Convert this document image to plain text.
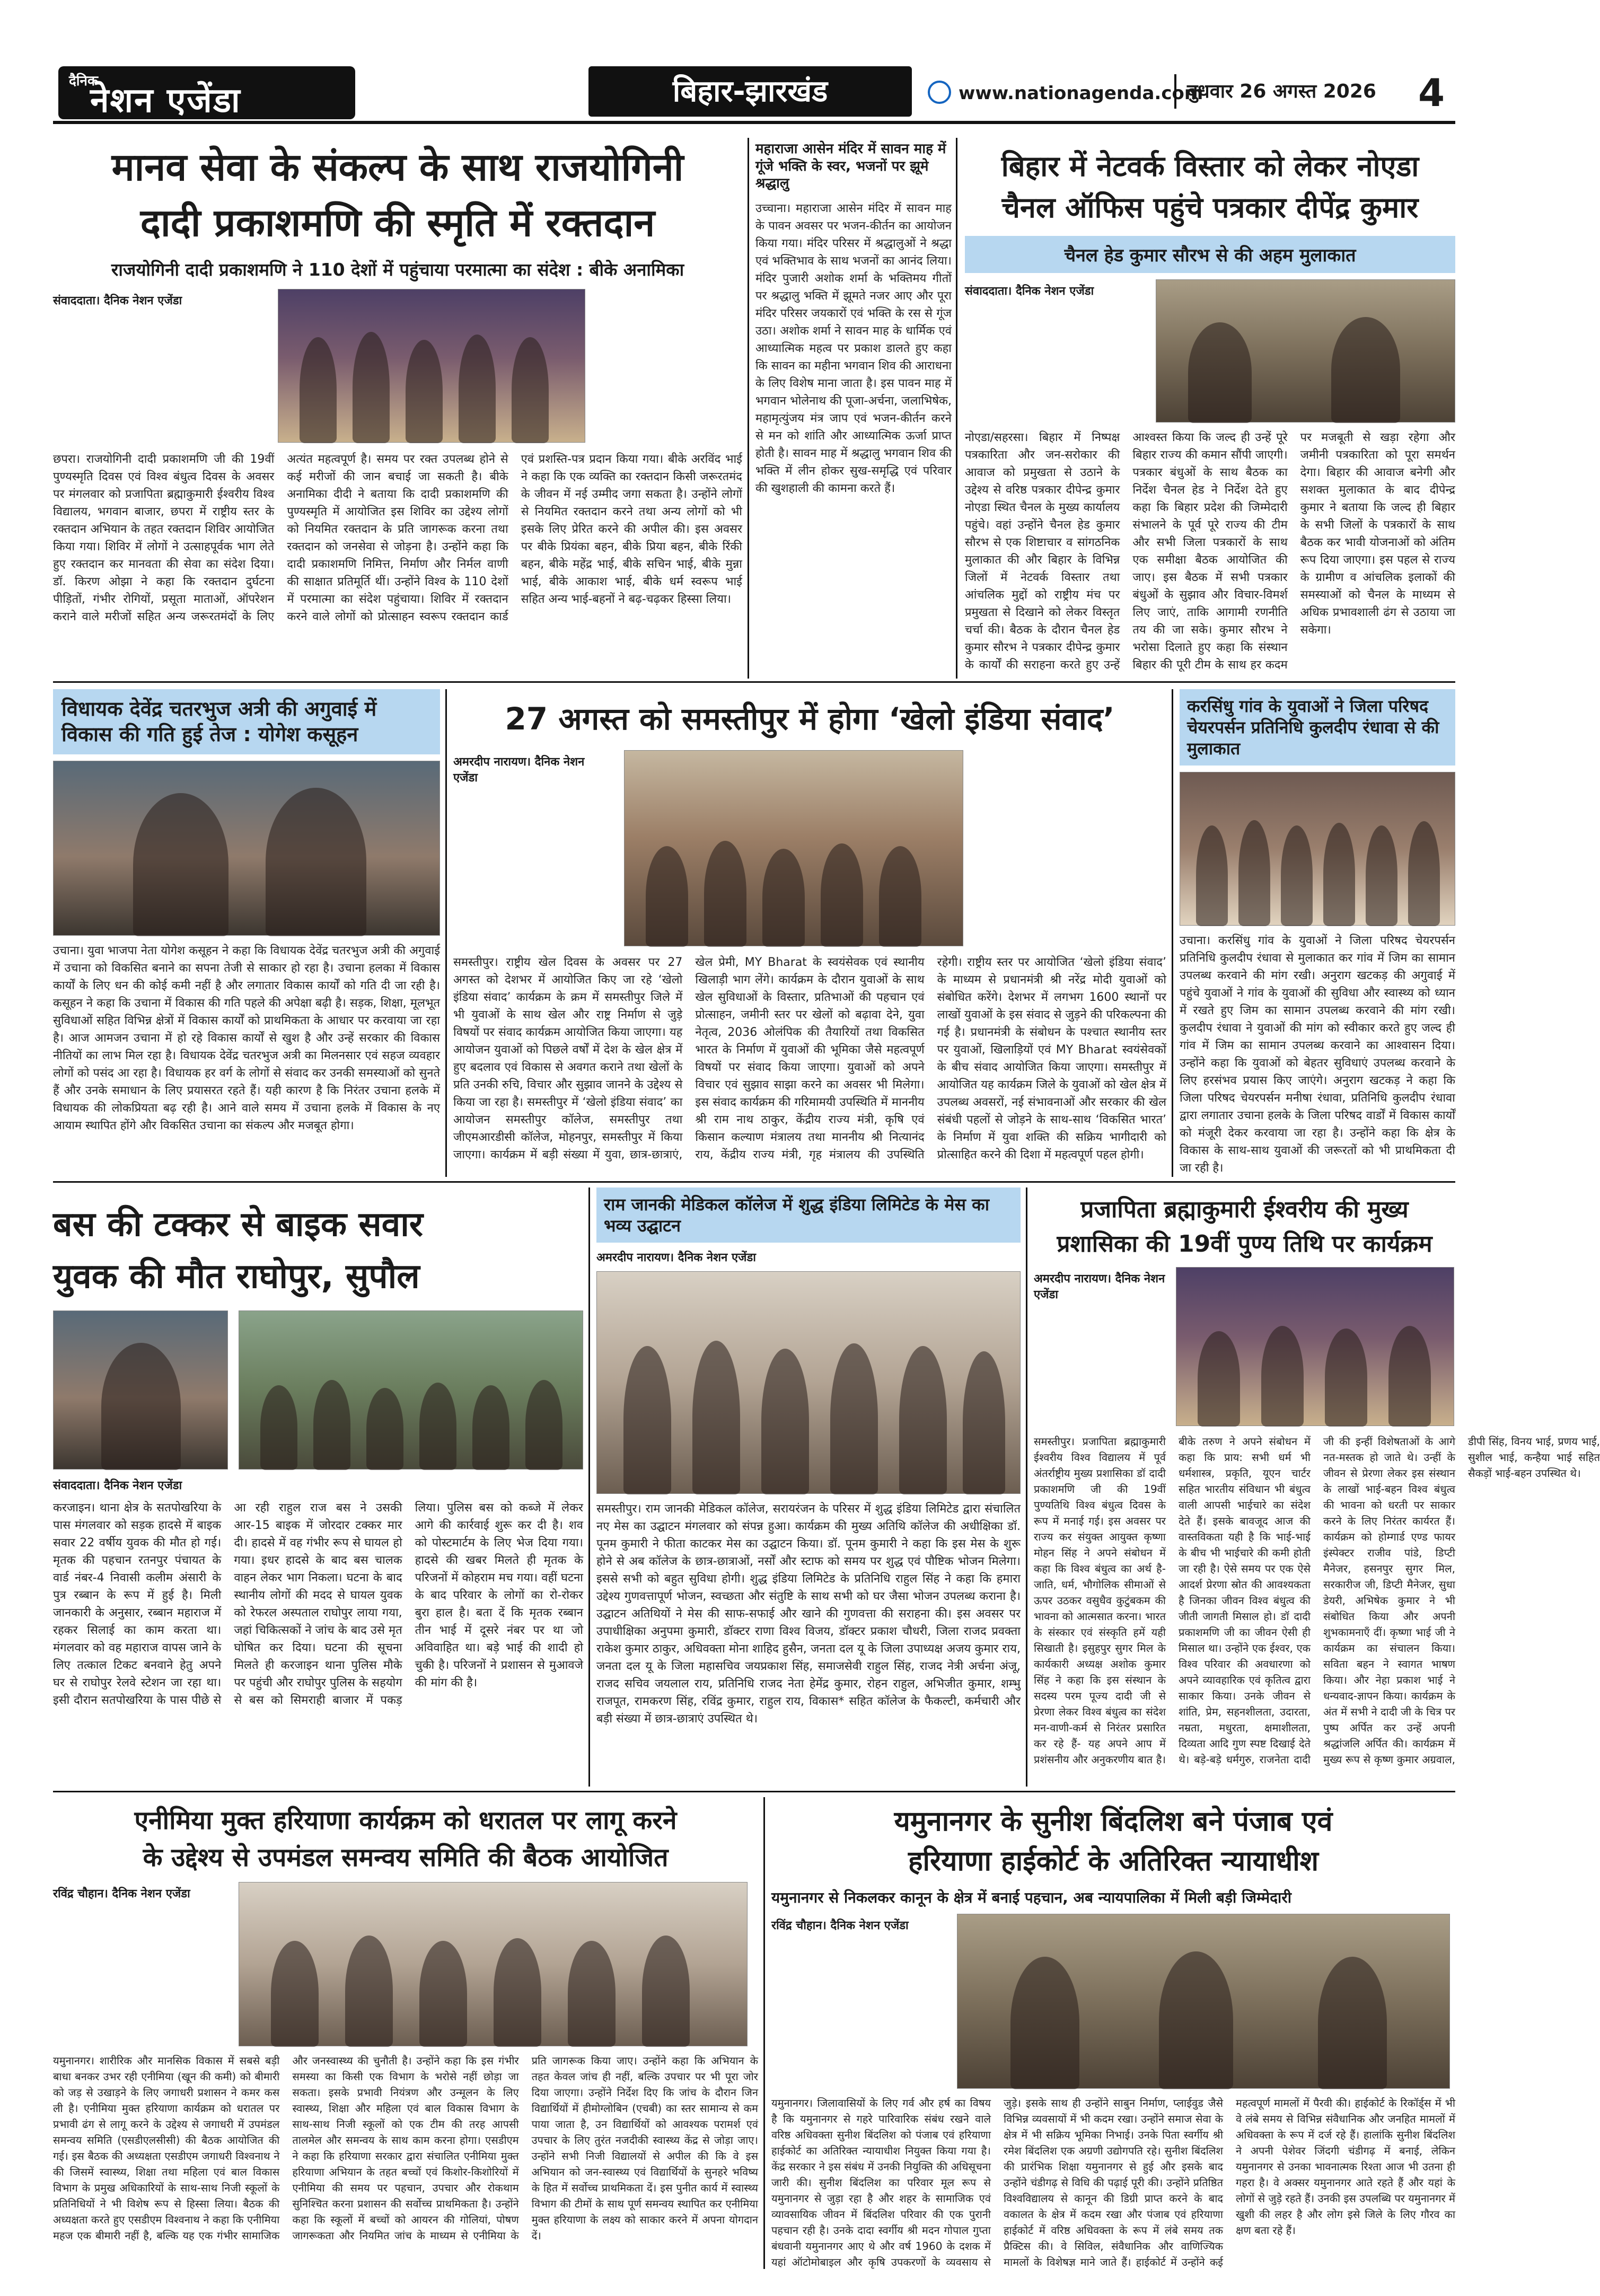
दैनिक
नेशन एजेंडा	बिहार-झारखंड	www.nationagenda.com
बुधवार 26 अगस्त 2026	4
मानव सेवा के संकल्प के साथ राजयोगिनी
दादी प्रकाशमणि की स्मृति में रक्तदान
राजयोगिनी दादी प्रकाशमणि ने 110 देशों में पहुंचाया परमात्मा का संदेश : बीके अनामिका
संवाददाता। दैनिक नेशन एजेंडा
छपरा। राजयोगिनी दादी प्रकाशमणि जी की 19वीं पुण्यस्मृति दिवस एवं विश्व बंधुत्व दिवस के अवसर पर मंगलवार को प्रजापिता ब्रह्माकुमारी ईश्वरीय विश्व विद्यालय, भगवान बाजार, छपरा में राष्ट्रीय स्तर के रक्तदान अभियान के तहत रक्तदान शिविर आयोजित किया गया। शिविर में लोगों ने उत्साहपूर्वक भाग लेते हुए रक्तदान कर मानवता की सेवा का संदेश दिया। डॉ. किरण ओझा ने कहा कि रक्तदान दुर्घटना पीड़ितों, गंभीर रोगियों, प्रसूता माताओं, ऑपरेशन कराने वाले मरीजों सहित अन्य जरूरतमंदों के लिए अत्यंत महत्वपूर्ण है। समय पर रक्त उपलब्ध होने से कई मरीजों की जान बचाई जा सकती है। बीके अनामिका दीदी ने बताया कि दादी प्रकाशमणि की पुण्यस्मृति में आयोजित इस शिविर का उद्देश्य लोगों को नियमित रक्तदान के प्रति जागरूक करना तथा रक्तदान को जनसेवा से जोड़ना है। उन्होंने कहा कि दादी प्रकाशमणि निमित्त, निर्माण और निर्मल वाणी की साक्षात प्रतिमूर्ति थीं। उन्होंने विश्व के 110 देशों में परमात्मा का संदेश पहुंचाया। शिविर में रक्तदान करने वाले लोगों को प्रोत्साहन स्वरूप रक्तदान कार्ड एवं प्रशस्ति-पत्र प्रदान किया गया। बीके अरविंद भाई ने कहा कि एक व्यक्ति का रक्तदान किसी जरूरतमंद के जीवन में नई उम्मीद जगा सकता है। उन्होंने लोगों से नियमित रक्तदान करने तथा अन्य लोगों को भी इसके लिए प्रेरित करने की अपील की। इस अवसर पर बीके प्रियंका बहन, बीके प्रिया बहन, बीके रिंकी बहन, बीके महेंद्र भाई, बीके सचिन भाई, बीके मुन्ना भाई, बीके आकाश भाई, बीके धर्म स्वरूप भाई सहित अन्य भाई-बहनों ने बढ़-चढ़कर हिस्सा लिया।
महाराजा आसेन मंदिर में सावन माह में गूंजे भक्ति के स्वर, भजनों पर झूमे श्रद्धालु
उच्चाना। महाराजा आसेन मंदिर में सावन माह के पावन अवसर पर भजन-कीर्तन का आयोजन किया गया। मंदिर परिसर में श्रद्धालुओं ने श्रद्धा एवं भक्तिभाव के साथ भजनों का आनंद लिया। मंदिर पुजारी अशोक शर्मा के भक्तिमय गीतों पर श्रद्धालु भक्ति में झूमते नजर आए और पूरा मंदिर परिसर जयकारों एवं भक्ति के रस से गूंज उठा। अशोक शर्मा ने सावन माह के धार्मिक एवं आध्यात्मिक महत्व पर प्रकाश डालते हुए कहा कि सावन का महीना भगवान शिव की आराधना के लिए विशेष माना जाता है। इस पावन माह में भगवान भोलेनाथ की पूजा-अर्चना, जलाभिषेक, महामृत्युंजय मंत्र जाप एवं भजन-कीर्तन करने से मन को शांति और आध्यात्मिक ऊर्जा प्राप्त होती है। सावन माह में श्रद्धालु भगवान शिव की भक्ति में लीन होकर सुख-समृद्धि एवं परिवार की खुशहाली की कामना करते हैं।
बिहार में नेटवर्क विस्तार को लेकर नोएडा
चैनल ऑफिस पहुंचे पत्रकार दीपेंद्र कुमार
चैनल हेड कुमार सौरभ से की अहम मुलाकात
संवाददाता। दैनिक नेशन एजेंडा
नोएडा/सहरसा। बिहार में निष्पक्ष पत्रकारिता और जन-सरोकार की आवाज को प्रमुखता से उठाने के उद्देश्य से वरिष्ठ पत्रकार दीपेन्द्र कुमार नोएडा स्थित चैनल के मुख्य कार्यालय पहुंचे। वहां उन्होंने चैनल हेड कुमार सौरभ से एक शिष्टाचार व सांगठनिक मुलाकात की और बिहार के विभिन्न जिलों में नेटवर्क विस्तार तथा आंचलिक मुद्दों को राष्ट्रीय मंच पर प्रमुखता से दिखाने को लेकर विस्तृत चर्चा की। बैठक के दौरान चैनल हेड कुमार सौरभ ने पत्रकार दीपेन्द्र कुमार के कार्यों की सराहना करते हुए उन्हें आश्वस्त किया कि जल्द ही उन्हें पूरे बिहार राज्य की कमान सौंपी जाएगी। पत्रकार बंधुओं के साथ बैठक का निर्देश चैनल हेड ने निर्देश देते हुए कहा कि बिहार प्रदेश की जिम्मेदारी संभालने के पूर्व पूरे राज्य की टीम और सभी जिला पत्रकारों के साथ एक समीक्षा बैठक आयोजित की जाए। इस बैठक में सभी पत्रकार बंधुओं के सुझाव और विचार-विमर्श लिए जाएं, ताकि आगामी रणनीति तय की जा सके। कुमार सौरभ ने भरोसा दिलाते हुए कहा कि संस्थान बिहार की पूरी टीम के साथ हर कदम पर मजबूती से खड़ा रहेगा और जमीनी पत्रकारिता को पूरा समर्थन देगा। बिहार की आवाज बनेगी और सशक्त मुलाकात के बाद दीपेन्द्र कुमार ने बताया कि जल्द ही बिहार के सभी जिलों के पत्रकारों के साथ बैठक कर भावी योजनाओं को अंतिम रूप दिया जाएगा। इस पहल से राज्य के ग्रामीण व आंचलिक इलाकों की समस्याओं को चैनल के माध्यम से अधिक प्रभावशाली ढंग से उठाया जा सकेगा।
विधायक देवेंद्र चतरभुज अत्री की अगुवाई में विकास की गति हुई तेज : योगेश कसूहन
उचाना। युवा भाजपा नेता योगेश कसूहन ने कहा कि विधायक देवेंद्र चतरभुज अत्री की अगुवाई में उचाना को विकसित बनाने का सपना तेजी से साकार हो रहा है। उचाना हलका में विकास कार्यों के लिए धन की कोई कमी नहीं है और लगातार विकास कार्यों को गति दी जा रही है। कसूहन ने कहा कि उचाना में विकास की गति पहले की अपेक्षा बढ़ी है। सड़क, शिक्षा, मूलभूत सुविधाओं सहित विभिन्न क्षेत्रों में विकास कार्यों को प्राथमिकता के आधार पर करवाया जा रहा है। आज आमजन उचाना में हो रहे विकास कार्यों से खुश है और उन्हें सरकार की विकास नीतियों का लाभ मिल रहा है। विधायक देवेंद्र चतरभुज अत्री का मिलनसार एवं सहज व्यवहार लोगों को पसंद आ रहा है। विधायक हर वर्ग के लोगों से संवाद कर उनकी समस्याओं को सुनते हैं और उनके समाधान के लिए प्रयासरत रहते हैं। यही कारण है कि निरंतर उचाना हलके में विधायक की लोकप्रियता बढ़ रही है। आने वाले समय में उचाना हलके में विकास के नए आयाम स्थापित होंगे और विकसित उचाना का संकल्प और मजबूत होगा।
27 अगस्त को समस्तीपुर में होगा ‘खेलो इंडिया संवाद’
अमरदीप नारायण। दैनिक नेशन एजेंडा
समस्तीपुर। राष्ट्रीय खेल दिवस के अवसर पर 27 अगस्त को देशभर में आयोजित किए जा रहे ‘खेलो इंडिया संवाद’ कार्यक्रम के क्रम में समस्तीपुर जिले में भी युवाओं के साथ खेल और राष्ट्र निर्माण से जुड़े विषयों पर संवाद कार्यक्रम आयोजित किया जाएगा। यह आयोजन युवाओं को पिछले वर्षों में देश के खेल क्षेत्र में हुए बदलाव एवं विकास से अवगत कराने तथा खेलों के प्रति उनकी रुचि, विचार और सुझाव जानने के उद्देश्य से किया जा रहा है। समस्तीपुर में ‘खेलो इंडिया संवाद’ का आयोजन समस्तीपुर कॉलेज, समस्तीपुर तथा जीएमआरडीसी कॉलेज, मोहनपुर, समस्तीपुर में किया जाएगा। कार्यक्रम में बड़ी संख्या में युवा, छात्र-छात्राएं, खेल प्रेमी, MY Bharat के स्वयंसेवक एवं स्थानीय खिलाड़ी भाग लेंगे। कार्यक्रम के दौरान युवाओं के साथ खेल सुविधाओं के विस्तार, प्रतिभाओं की पहचान एवं प्रोत्साहन, जमीनी स्तर पर खेलों को बढ़ावा देने, युवा नेतृत्व, 2036 ओलंपिक की तैयारियों तथा विकसित भारत के निर्माण में युवाओं की भूमिका जैसे महत्वपूर्ण विषयों पर संवाद किया जाएगा। युवाओं को अपने विचार एवं सुझाव साझा करने का अवसर भी मिलेगा। इस संवाद कार्यक्रम की गरिमामयी उपस्थिति में माननीय श्री राम नाथ ठाकुर, केंद्रीय राज्य मंत्री, कृषि एवं किसान कल्याण मंत्रालय तथा माननीय श्री नित्यानंद राय, केंद्रीय राज्य मंत्री, गृह मंत्रालय की उपस्थिति रहेगी। राष्ट्रीय स्तर पर आयोजित ‘खेलो इंडिया संवाद’ के माध्यम से प्रधानमंत्री श्री नरेंद्र मोदी युवाओं को संबोधित करेंगे। देशभर में लगभग 1600 स्थानों पर लाखों युवाओं के इस संवाद से जुड़ने की परिकल्पना की गई है। प्रधानमंत्री के संबोधन के पश्चात स्थानीय स्तर पर युवाओं, खिलाड़ियों एवं MY Bharat स्वयंसेवकों के बीच संवाद आयोजित किया जाएगा। समस्तीपुर में आयोजित यह कार्यक्रम जिले के युवाओं को खेल क्षेत्र में उपलब्ध अवसरों, नई संभावनाओं और सरकार की खेल संबंधी पहलों से जोड़ने के साथ-साथ ‘विकसित भारत’ के निर्माण में युवा शक्ति की सक्रिय भागीदारी को प्रोत्साहित करने की दिशा में महत्वपूर्ण पहल होगी।
करसिंधु गांव के युवाओं ने जिला परिषद चेयरपर्सन प्रतिनिधि कुलदीप रंधावा से की मुलाकात
उचाना। करसिंधु गांव के युवाओं ने जिला परिषद चेयरपर्सन प्रतिनिधि कुलदीप रंधावा से मुलाकात कर गांव में जिम का सामान उपलब्ध करवाने की मांग रखी। अनुराग खटकड़ की अगुवाई में पहुंचे युवाओं ने गांव के युवाओं की सुविधा और स्वास्थ्य को ध्यान में रखते हुए जिम का सामान उपलब्ध करवाने की मांग रखी। कुलदीप रंधावा ने युवाओं की मांग को स्वीकार करते हुए जल्द ही गांव में जिम का सामान उपलब्ध करवाने का आश्वासन दिया। उन्होंने कहा कि युवाओं को बेहतर सुविधाएं उपलब्ध करवाने के लिए हरसंभव प्रयास किए जाएंगे। अनुराग खटकड़ ने कहा कि जिला परिषद चेयरपर्सन मनीषा रंधावा, प्रतिनिधि कुलदीप रंधावा द्वारा लगातार उचाना हलके के जिला परिषद वार्डों में विकास कार्यों को मंजूरी देकर करवाया जा रहा है। उन्होंने कहा कि क्षेत्र के विकास के साथ-साथ युवाओं की जरूरतों को भी प्राथमिकता दी जा रही है।
बस की टक्कर से बाइक सवार
युवक की मौत राघोपुर, सुपौल
संवाददाता। दैनिक नेशन एजेंडा
करजाइन। थाना क्षेत्र के सतपोखरिया के पास मंगलवार को सड़क हादसे में बाइक सवार 22 वर्षीय युवक की मौत हो गई। मृतक की पहचान रतनपुर पंचायत के वार्ड नंबर-4 निवासी कलीम अंसारी के पुत्र रब्बान के रूप में हुई है। मिली जानकारी के अनुसार, रब्बान महाराज में रहकर सिलाई का काम करता था। मंगलवार को वह महाराज वापस जाने के लिए तत्काल टिकट बनवाने हेतु अपने घर से राघोपुर रेलवे स्टेशन जा रहा था। इसी दौरान सतपोखरिया के पास पीछे से आ रही राहुल राज बस ने उसकी आर-15 बाइक में जोरदार टक्कर मार दी। हादसे में वह गंभीर रूप से घायल हो गया। इधर हादसे के बाद बस चालक वाहन लेकर भाग निकला। घटना के बाद स्थानीय लोगों की मदद से घायल युवक को रेफरल अस्पताल राघोपुर लाया गया, जहां चिकित्सकों ने जांच के बाद उसे मृत घोषित कर दिया। घटना की सूचना मिलते ही करजाइन थाना पुलिस मौके पर पहुंची और राघोपुर पुलिस के सहयोग से बस को सिमराही बाजार में पकड़ लिया। पुलिस बस को कब्जे में लेकर आगे की कार्रवाई शुरू कर दी है। शव को पोस्टमार्टम के लिए भेज दिया गया। हादसे की खबर मिलते ही मृतक के परिजनों में कोहराम मच गया। वहीं घटना के बाद परिवार के लोगों का रो-रोकर बुरा हाल है। बता दें कि मृतक रब्बान तीन भाई में दूसरे नंबर पर था जो अविवाहित था। बड़े भाई की शादी हो चुकी है। परिजनों ने प्रशासन से मुआवजे की मांग की है।
राम जानकी मेडिकल कॉलेज में शुद्ध इंडिया लिमिटेड के मेस का भव्य उद्घाटन
अमरदीप नारायण। दैनिक नेशन एजेंडा
समस्तीपुर। राम जानकी मेडिकल कॉलेज, सरायरंजन के परिसर में शुद्ध इंडिया लिमिटेड द्वारा संचालित नए मेस का उद्घाटन मंगलवार को संपन्न हुआ। कार्यक्रम की मुख्य अतिथि कॉलेज की अधीक्षिका डॉ. पूनम कुमारी ने फीता काटकर मेस का उद्घाटन किया। डॉ. पूनम कुमारी ने कहा कि इस मेस के शुरू होने से अब कॉलेज के छात्र-छात्राओं, नर्सों और स्टाफ को समय पर शुद्ध एवं पौष्टिक भोजन मिलेगा। इससे सभी को बहुत सुविधा होगी। शुद्ध इंडिया लिमिटेड के प्रतिनिधि राहुल सिंह ने कहा कि हमारा उद्देश्य गुणवत्तापूर्ण भोजन, स्वच्छता और संतुष्टि के साथ सभी को घर जैसा भोजन उपलब्ध कराना है। उद्घाटन अतिथियों ने मेस की साफ-सफाई और खाने की गुणवत्ता की सराहना की। इस अवसर पर उपाधीक्षिका अनुपमा कुमारी, डॉक्टर राणा विश्व विजय, डॉक्टर प्रकाश चौधरी, जिला राजद प्रवक्ता राकेश कुमार ठाकुर, अधिवक्ता मोना शाहिद हुसैन, जनता दल यू के जिला उपाध्यक्ष अजय कुमार राय, जनता दल यू के जिला महासचिव जयप्रकाश सिंह, समाजसेवी राहुल सिंह, राजद नेत्री अर्चना अंजू, राजद सचिव जयलाल राय, प्रतिनिधि राजद नेता हेमेंद्र कुमार, रोहन राहुल, अभिजीत कुमार, शम्भु राजपूत, रामकरण सिंह, रविंद्र कुमार, राहुल राय, विकास* सहित कॉलेज के फैकल्टी, कर्मचारी और बड़ी संख्या में छात्र-छात्राएं उपस्थित थे।
प्रजापिता ब्रह्माकुमारी ईश्वरीय की मुख्य
प्रशासिका की 19वीं पुण्य तिथि पर कार्यक्रम
अमरदीप नारायण। दैनिक नेशन एजेंडा
समस्तीपुर। प्रजापिता ब्रह्माकुमारी ईश्वरीय विश्व विद्यालय में पूर्व अंतर्राष्ट्रीय मुख्य प्रशासिका डॉ दादी प्रकाशमणि जी की 19वीं पुण्यतिथि विश्व बंधुत्व दिवस के रूप में मनाई गई। इस अवसर पर राज्य कर संयुक्त आयुक्त कृष्णा मोहन सिंह ने अपने संबोधन में कहा कि विश्व बंधुत्व का अर्थ है- जाति, धर्म, भौगोलिक सीमाओं से ऊपर उठकर वसुधैव कुटुंबकम की भावना को आत्मसात करना। भारत के संस्कार एवं संस्कृति हमें यही सिखाती है। इसुहपुर सुगर मिल के कार्यकारी अध्यक्ष अशोक कुमार सिंह ने कहा कि इस संस्थान के सदस्य परम पूज्य दादी जी से प्रेरणा लेकर विश्व बंधुत्व का संदेश मन-वाणी-कर्म से निरंतर प्रसारित कर रहे हैं- यह अपने आप में प्रशंसनीय और अनुकरणीय बात है। बीके तरुण ने अपने संबोधन में कहा कि प्राय: सभी धर्म भी धर्मशास्त्र, प्रकृति, यूएन चार्टर सहित भारतीय संविधान भी बंधुत्व वाली आपसी भाईचारे का संदेश देते हैं। इसके बावजूद आज की वास्तविकता यही है कि भाई-भाई के बीच भी भाईचारे की कमी होती जा रही है। ऐसे समय पर एक ऐसे आदर्श प्रेरणा स्रोत की आवश्यकता है जिनका जीवन विश्व बंधुत्व की जीती जागती मिसाल हो। डॉ दादी प्रकाशमणि जी का जीवन ऐसी ही मिसाल था। उन्होंने एक ईश्वर, एक विश्व परिवार की अवधारणा को अपने व्यावहारिक एवं कृतित्व द्वारा साकार किया। उनके जीवन से शांति, प्रेम, सहनशीलता, उदारता, नम्रता, मधुरता, क्षमाशीलता, दिव्यता आदि गुण स्पष्ट दिखाई देते थे। बड़े-बड़े धर्मगुरु, राजनेता दादी जी की इन्हीं विशेषताओं के आगे नत-मस्तक हो जाते थे। उन्हीं के जीवन से प्रेरणा लेकर इस संस्थान के लाखों भाई-बहन विश्व बंधुत्व की भावना को धरती पर साकार करने के लिए निरंतर कार्यरत हैं। कार्यक्रम को होम्गार्ड एण्ड फायर इंस्पेक्टर राजीव पांडे, डिप्टी मैनेजर, हसनपुर सुगर मिल, सरकारीज जी, डिप्टी मैनेजर, सुधा डेयरी, अभिषेक कुमार ने भी संबोधित किया और अपनी शुभकामनाएँ दीं। कृष्णा भाई जी ने कार्यक्रम का संचालन किया। सविता बहन ने स्वागत भाषण किया। और नेहा प्रकाश भाई ने धन्यवाद-ज्ञापन किया। कार्यक्रम के अंत में सभी ने दादी जी के चित्र पर पुष्प अर्पित कर उन्हें अपनी श्रद्धांजलि अर्पित की। कार्यक्रम में मुख्य रूप से कृष्ण कुमार अग्रवाल, डीपी सिंह, विनय भाई, प्रणय भाई, सुशील भाई, कन्हैया भाई सहित सैकड़ों भाई-बहन उपस्थित थे।
एनीमिया मुक्त हरियाणा कार्यक्रम को धरातल पर लागू करने
के उद्देश्य से उपमंडल समन्वय समिति की बैठक आयोजित
रविंद्र चौहान। दैनिक नेशन एजेंडा
यमुनानगर। शारीरिक और मानसिक विकास में सबसे बड़ी बाधा बनकर उभर रही एनीमिया (खून की कमी) को बीमारी को जड़ से उखाड़ने के लिए जगाधरी प्रशासन ने कमर कस ली है। एनीमिया मुक्त हरियाणा कार्यक्रम को धरातल पर प्रभावी ढंग से लागू करने के उद्देश्य से जगाधरी में उपमंडल समन्वय समिति (एसडीएलसीसी) की बैठक आयोजित की गई। इस बैठक की अध्यक्षता एसडीएम जगाधरी विश्वनाथ ने की जिसमें स्वास्थ्य, शिक्षा तथा महिला एवं बाल विकास विभाग के प्रमुख अधिकारियों के साथ-साथ निजी स्कूलों के प्रतिनिधियों ने भी विशेष रूप से हिस्सा लिया। बैठक की अध्यक्षता करते हुए एसडीएम विश्वनाथ ने कहा कि एनीमिया महज एक बीमारी नहीं है, बल्कि यह एक गंभीर सामाजिक और जनस्वास्थ्य की चुनौती है। उन्होंने कहा कि इस गंभीर समस्या का किसी एक विभाग के भरोसे नहीं छोड़ा जा सकता। इसके प्रभावी नियंत्रण और उन्मूलन के लिए स्वास्थ्य, शिक्षा और महिला एवं बाल विकास विभाग के साथ-साथ निजी स्कूलों को एक टीम की तरह आपसी तालमेल और समन्वय के साथ काम करना होगा। एसडीएम ने कहा कि हरियाणा सरकार द्वारा संचालित एनीमिया मुक्त हरियाणा अभियान के तहत बच्चों एवं किशोर-किशोरियों में एनीमिया की समय पर पहचान, उपचार और रोकथाम सुनिश्चित करना प्रशासन की सर्वोच्च प्राथमिकता है। उन्होंने कहा कि स्कूलों में बच्चों को आयरन की गोलियां, पोषण जागरूकता और नियमित जांच के माध्यम से एनीमिया के प्रति जागरूक किया जाए। उन्होंने कहा कि अभियान के तहत केवल जांच ही नहीं, बल्कि उपचार पर भी पूरा जोर दिया जाएगा। उन्होंने निर्देश दिए कि जांच के दौरान जिन विद्यार्थियों में हीमोग्लोबिन (एचबी) का स्तर सामान्य से कम पाया जाता है, उन विद्यार्थियों को आवश्यक परामर्श एवं उपचार के लिए तुरंत नजदीकी स्वास्थ्य केंद्र से जोड़ा जाए। उन्होंने सभी निजी विद्यालयों से अपील की कि वे इस अभियान को जन-स्वास्थ्य एवं विद्यार्थियों के सुनहरे भविष्य के हित में सर्वोच्च प्राथमिकता दें। इस पुनीत कार्य में स्वास्थ्य विभाग की टीमों के साथ पूर्ण समन्वय स्थापित कर एनीमिया मुक्त हरियाणा के लक्ष्य को साकार करने में अपना योगदान दें।
यमुनानगर के सुनीश बिंदलिश बने पंजाब एवं
हरियाणा हाईकोर्ट के अतिरिक्त न्यायाधीश
यमुनानगर से निकलकर कानून के क्षेत्र में बनाई पहचान, अब न्यायपालिका में मिली बड़ी जिम्मेदारी
रविंद्र चौहान। दैनिक नेशन एजेंडा
यमुनानगर। जिलावासियों के लिए गर्व और हर्ष का विषय है कि यमुनानगर से गहरे पारिवारिक संबंध रखने वाले वरिष्ठ अधिवक्ता सुनीश बिंदलिश को पंजाब एवं हरियाणा हाईकोर्ट का अतिरिक्त न्यायाधीश नियुक्त किया गया है। केंद्र सरकार ने इस संबंध में उनकी नियुक्ति की अधिसूचना जारी की। सुनीश बिंदलिश का परिवार मूल रूप से यमुनानगर से जुड़ा रहा है और शहर के सामाजिक एवं व्यावसायिक जीवन में बिंदलिश परिवार की एक पुरानी पहचान रही है। उनके दादा स्वर्गीय श्री मदन गोपाल गुप्ता बंधवानी यमुनानगर आए थे और वर्ष 1960 के दशक में यहां ऑटोमोबाइल और कृषि उपकरणों के व्यवसाय से जुड़े। इसके साथ ही उन्होंने साबुन निर्माण, प्लाईवुड जैसे विभिन्न व्यवसायों में भी कदम रखा। उन्होंने समाज सेवा के क्षेत्र में भी सक्रिय भूमिका निभाई। उनके पिता स्वर्गीय श्री रमेश बिंदलिश एक अग्रणी उद्योगपति रहे। सुनीश बिंदलिश की प्रारंभिक शिक्षा यमुनानगर से हुई और इसके बाद उन्होंने चंडीगढ़ से विधि की पढ़ाई पूरी की। उन्होंने प्रतिष्ठित विश्वविद्यालय से कानून की डिग्री प्राप्त करने के बाद वकालत के क्षेत्र में कदम रखा और पंजाब एवं हरियाणा हाईकोर्ट में वरिष्ठ अधिवक्ता के रूप में लंबे समय तक प्रैक्टिस की। वे सिविल, संवैधानिक और वाणिज्यिक मामलों के विशेषज्ञ माने जाते हैं। हाईकोर्ट में उन्होंने कई महत्वपूर्ण मामलों में पैरवी की। हाईकोर्ट के रिकॉर्ड्स में भी वे लंबे समय से विभिन्न संवैधानिक और जनहित मामलों में अधिवक्ता के रूप में दर्ज रहे हैं। हालांकि सुनीश बिंदलिश ने अपनी पेशेवर जिंदगी चंडीगढ़ में बनाई, लेकिन यमुनानगर से उनका भावनात्मक रिश्ता आज भी उतना ही गहरा है। वे अक्सर यमुनानगर आते रहते हैं और यहां के लोगों से जुड़े रहते हैं। उनकी इस उपलब्धि पर यमुनानगर में खुशी की लहर है और लोग इसे जिले के लिए गौरव का क्षण बता रहे हैं।
